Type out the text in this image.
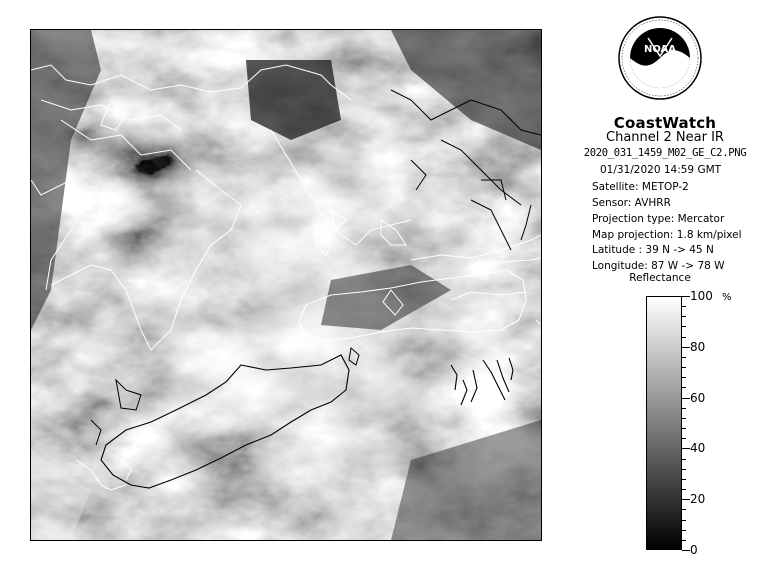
NOAA
CoastWatch
Channel 2 Near IR
2020_031_1459_M02_GE_C2.PNG
01/31/2020 14:59 GMT
Satellite: METOP-2
Sensor: AVHRR
Projection type: Mercator
Map projection: 1.8 km/pixel
Latitude : 39 N -> 45 N
Longitude: 87 W -> 78 W
Reflectance
%
100
80
60
40
20
0
